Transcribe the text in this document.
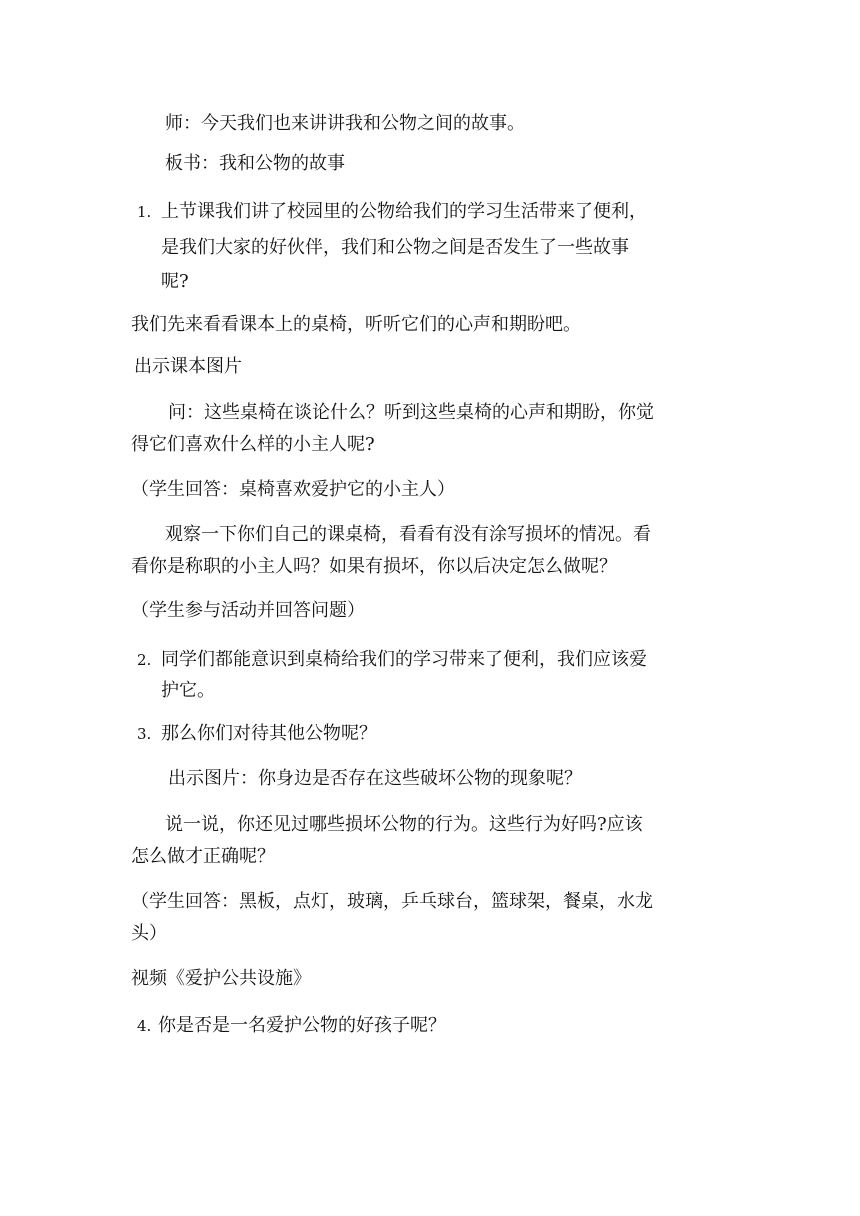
师：今天我们也来讲讲我和公物之间的故事。
板书：我和公物的故事
1. 上节课我们讲了校园里的公物给我们的学习生活带来了便利，
是我们大家的好伙伴，我们和公物之间是否发生了一些故事
呢?
我们先来看看课本上的桌椅，听听它们的心声和期盼吧。
出示课本图片
问：这些桌椅在谈论什么？听到这些桌椅的心声和期盼，你觉
得它们喜欢什么样的小主人呢?
（学生回答：桌椅喜欢爱护它的小主人）
观察一下你们自己的课桌椅，看看有没有涂写损坏的情况。看
看你是称职的小主人吗？如果有损坏，你以后决定怎么做呢？
（学生参与活动并回答问题）
2. 同学们都能意识到桌椅给我们的学习带来了便利，我们应该爱
护它。
3. 那么你们对待其他公物呢？
出示图片：你身边是否存在这些破坏公物的现象呢？
说一说，你还见过哪些损坏公物的行为。这些行为好吗?应该
怎么做才正确呢？
（学生回答：黑板，点灯，玻璃，乒乓球台，篮球架，餐桌，水龙
头）
视频《爱护公共设施》
4. 你是否是一名爱护公物的好孩子呢？
